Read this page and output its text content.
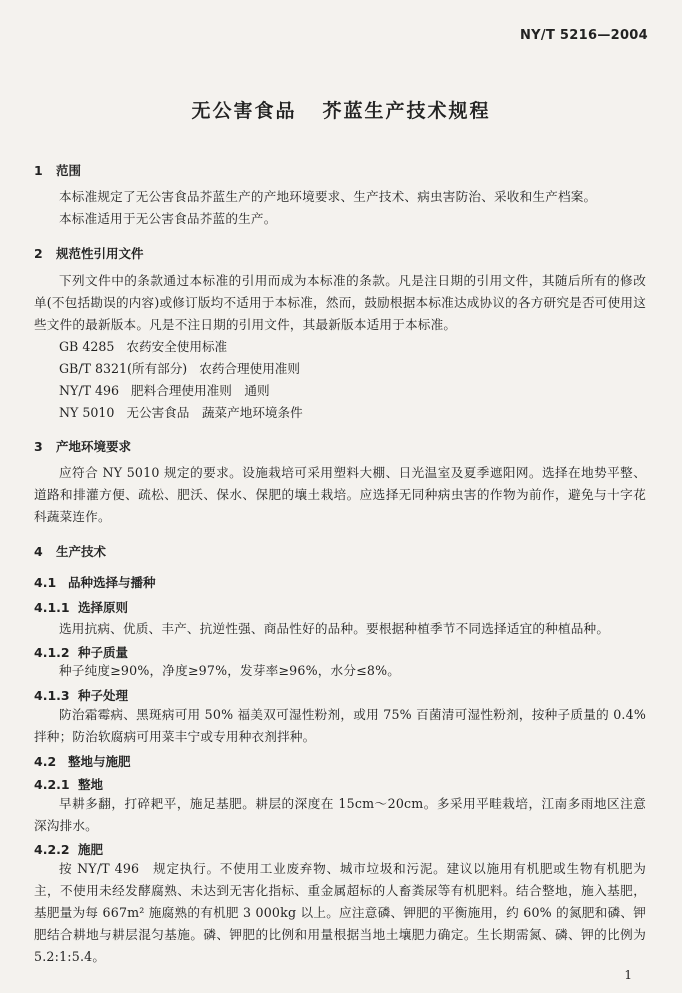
NY/T 5216—2004
无公害食品 芥蓝生产技术规程
1 范围
本标准规定了无公害食品芥蓝生产的产地环境要求、生产技术、病虫害防治、采收和生产档案。
本标准适用于无公害食品芥蓝的生产。
2 规范性引用文件
下列文件中的条款通过本标准的引用而成为本标准的条款。凡是注日期的引用文件，其随后所有的修改单(不包括勘误的内容)或修订版均不适用于本标准，然而，鼓励根据本标准达成协议的各方研究是否可使用这些文件的最新版本。凡是不注日期的引用文件，其最新版本适用于本标准。
GB 4285 农药安全使用标准
GB/T 8321(所有部分) 农药合理使用准则
NY/T 496 肥料合理使用准则　通则
NY 5010 无公害食品　蔬菜产地环境条件
3 产地环境要求
应符合 NY 5010 规定的要求。设施栽培可采用塑料大棚、日光温室及夏季遮阳网。选择在地势平整、道路和排灌方便、疏松、肥沃、保水、保肥的壤土栽培。应选择无同种病虫害的作物为前作，避免与十字花科蔬菜连作。
4 生产技术
4.1 品种选择与播种
4.1.1 选择原则
选用抗病、优质、丰产、抗逆性强、商品性好的品种。要根据种植季节不同选择适宜的种植品种。
4.1.2 种子质量
种子纯度≥90%，净度≥97%，发芽率≥96%，水分≤8%。
4.1.3 种子处理
防治霜霉病、黑斑病可用 50% 福美双可湿性粉剂，或用 75% 百菌清可湿性粉剂，按种子质量的 0.4% 拌种；防治软腐病可用菜丰宁或专用种衣剂拌种。
4.2 整地与施肥
4.2.1 整地
早耕多翻，打碎耙平，施足基肥。耕层的深度在 15cm～20cm。多采用平畦栽培，江南多雨地区注意深沟排水。
4.2.2 施肥
按 NY/T 496　规定执行。不使用工业废弃物、城市垃圾和污泥。建议以施用有机肥或生物有机肥为主，不使用未经发酵腐熟、未达到无害化指标、重金属超标的人畜粪尿等有机肥料。结合整地，施入基肥，基肥量为每 667m² 施腐熟的有机肥 3 000kg 以上。应注意磷、钾肥的平衡施用，约 60% 的氮肥和磷、钾肥结合耕地与耕层混匀基施。磷、钾肥的比例和用量根据当地土壤肥力确定。生长期需氮、磷、钾的比例为 5.2:1:5.4。
1
